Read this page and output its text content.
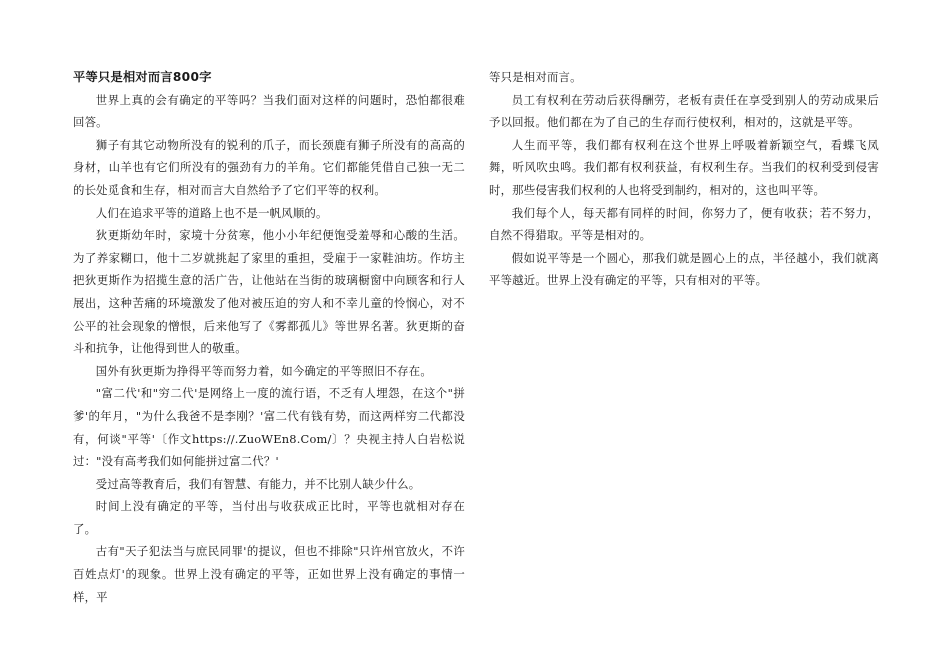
平等只是相对而言800字

世界上真的会有确定的平等吗？当我们面对这样的问题时，恐怕都很难回答。

狮子有其它动物所没有的锐利的爪子，而长颈鹿有狮子所没有的高高的身材，山羊也有它们所没有的强劲有力的羊角。它们都能凭借自己独一无二的长处觅食和生存，相对而言大自然给予了它们平等的权利。

人们在追求平等的道路上也不是一帆风顺的。

狄更斯幼年时，家境十分贫寒，他小小年纪便饱受羞辱和心酸的生活。为了养家糊口，他十二岁就挑起了家里的重担，受雇于一家鞋油坊。作坊主把狄更斯作为招揽生意的活广告，让他站在当街的玻璃橱窗中向顾客和行人展出，这种苦痛的环境激发了他对被压迫的穷人和不幸儿童的怜悯心，对不公平的社会现象的憎恨，后来他写了《雾都孤儿》等世界名著。狄更斯的奋斗和抗争，让他得到世人的敬重。

国外有狄更斯为挣得平等而努力着，如今确定的平等照旧不存在。

"富二代'和"穷二代'是网络上一度的流行语，不乏有人埋怨，在这个"拼爹'的年月，"为什么我爸不是李刚？'富二代有钱有势，而这两样穷二代都没有，何谈"平等'〔作文https://.ZuoWEn8.Com/〕？央视主持人白岩松说过："没有高考我们如何能拼过富二代？'

受过高等教育后，我们有智慧、有能力，并不比别人缺少什么。

时间上没有确定的平等，当付出与收获成正比时，平等也就相对存在了。

古有"天子犯法当与庶民同罪'的提议，但也不排除"只许州官放火，不许百姓点灯'的现象。世界上没有确定的平等，正如世界上没有确定的事情一样，平

等只是相对而言。

员工有权利在劳动后获得酬劳，老板有责任在享受到别人的劳动成果后予以回报。他们都在为了自己的生存而行使权利，相对的，这就是平等。

人生而平等，我们都有权利在这个世界上呼吸着新颖空气，看蝶飞凤舞，听风吹虫鸣。我们都有权利获益，有权利生存。当我们的权利受到侵害时，那些侵害我们权利的人也将受到制约，相对的，这也叫平等。

我们每个人，每天都有同样的时间，你努力了，便有收获；若不努力，自然不得猎取。平等是相对的。

假如说平等是一个圆心，那我们就是圆心上的点，半径越小，我们就离平等越近。世界上没有确定的平等，只有相对的平等。
